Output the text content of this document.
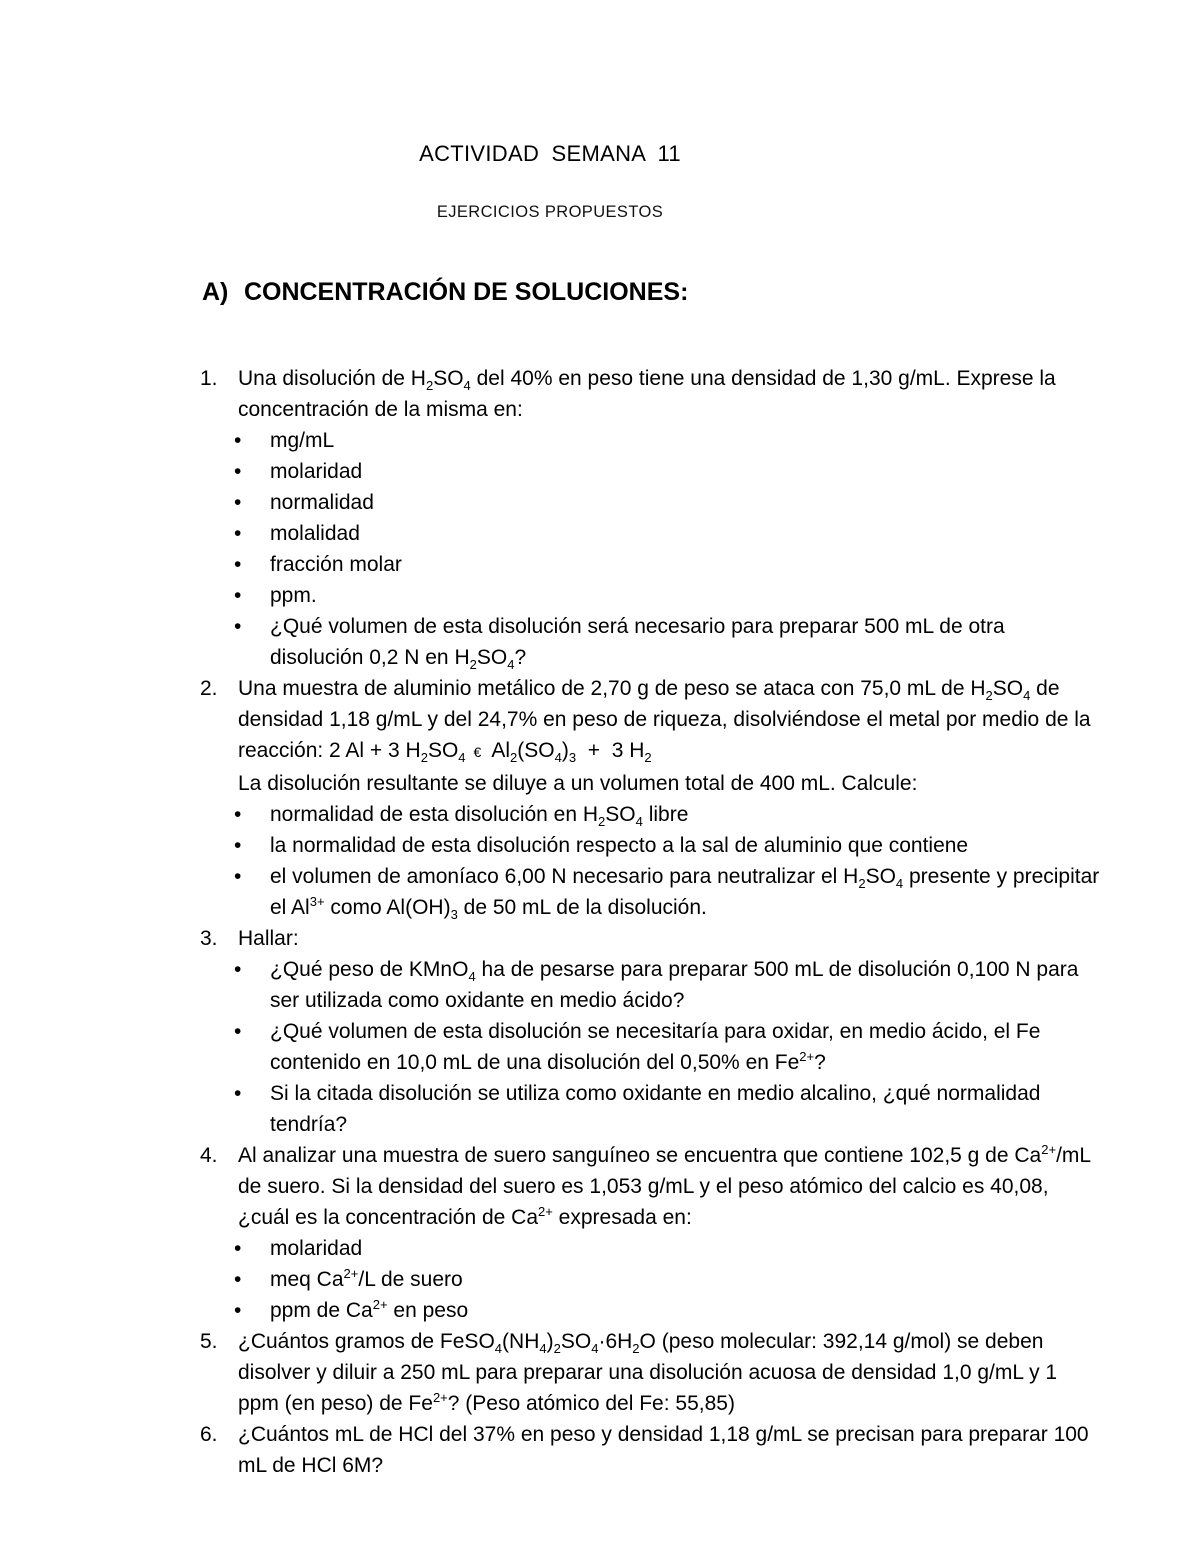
ACTIVIDAD SEMANA 11
EJERCICIOS PROPUESTOS
A) CONCENTRACIÓN DE SOLUCIONES:
1. Una disolución de $H_2SO_4$ del 40% en peso tiene una densidad de 1,30 g/mL. Exprese la concentración de la misma en:
• mg/mL
• molaridad
• normalidad
• molalidad
• fracción molar
• ppm.
• ¿Qué volumen de esta disolución será necesario para preparar 500 mL de otra disolución 0,2 N en $H_2SO_4$?
2. Una muestra de aluminio metálico de 2,70 g de peso se ataca con 75,0 mL de $H_2SO_4$ de densidad 1,18 g/mL y del 24,7% en peso de riqueza, disolviéndose el metal por medio de la reacción: 2 Al + 3 $H_2SO_4$ € $Al_2(SO_4)_3 + 3$ $H_2$
La disolución resultante se diluye a un volumen total de 400 mL. Calcule:
• normalidad de esta disolución en $H_2SO_4$ libre
• la normalidad de esta disolución respecto a la sal de aluminio que contiene
• el volumen de amoníaco 6,00 N necesario para neutralizar el $H_2SO_4$ presente y precipitar el $Al^{3+}$ como $Al(OH)_3$ de 50 mL de la disolución.
3. Hallar:
• ¿Qué peso de KMnO$_4$ ha de pesarse para preparar 500 mL de disolución 0,100 N para ser utilizada como oxidante en medio ácido?
• ¿Qué volumen de esta disolución se necesitaría para oxidar, en medio ácido, el Fe contenido en 10,0 mL de una disolución del 0,50% en $Fe^{2+}$?
• Si la citada disolución se utiliza como oxidante en medio alcalino, ¿qué normalidad tendría?
4. Al analizar una muestra de suero sanguíneo se encuentra que contiene 102,5 g de $Ca^{2+}/mL$ de suero. Si la densidad del suero es 1,053 g/mL y el peso atómico del calcio es 40,08, ¿cuál es la concentración de $Ca^{2+}$ expresada en:
• molaridad
• meq $Ca^{2+}/L$ de suero
• ppm de $Ca^{2+}$ en peso
5. ¿Cuántos gramos de $FeSO_4(NH_4)_2SO_4\cdot 6H_2O$ (peso molecular: 392,14 g/mol) se deben disolver y diluir a 250 mL para preparar una disolución acuosa de densidad 1,0 g/mL y 1 ppm (en peso) de $Fe^{2+}$? (Peso atómico del Fe: 55,85)
6. ¿Cuántos mL de HCl del 37% en peso y densidad 1,18 g/mL se precisan para preparar 100 mL de HCl 6M?
